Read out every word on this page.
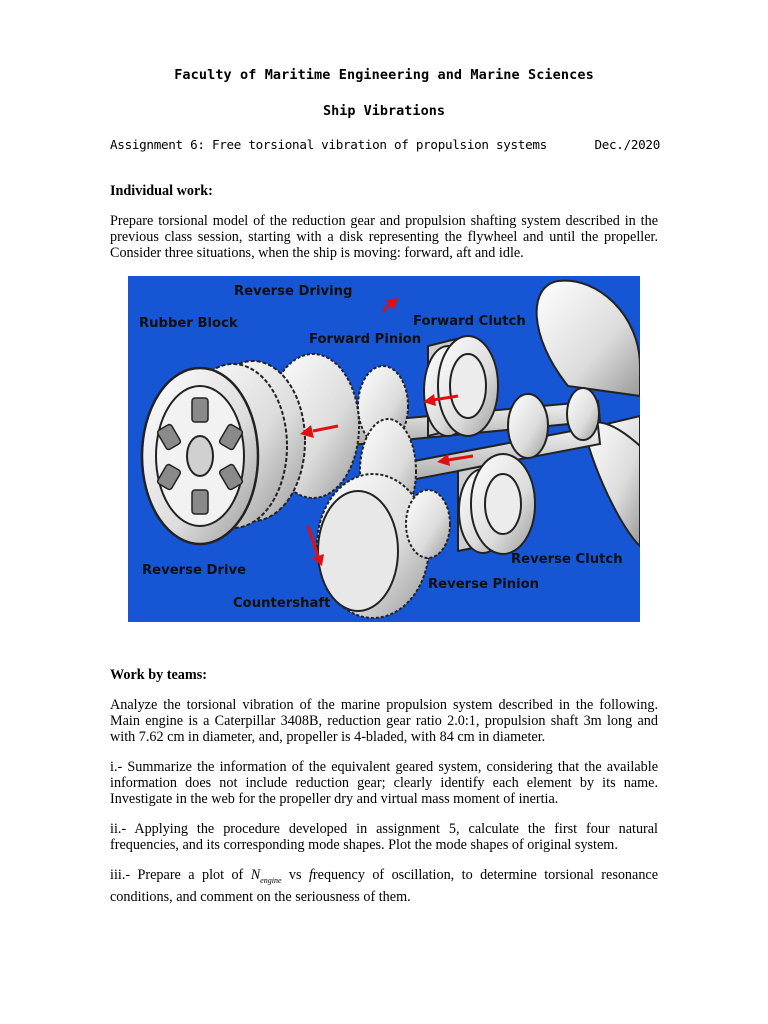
Faculty of Maritime Engineering and Marine Sciences
Ship Vibrations
Assignment 6: Free torsional vibration of propulsion systems	Dec./2020
Individual work:
Prepare torsional model of the reduction gear and propulsion shafting system described in the previous class session, starting with a disk representing the flywheel and until the propeller. Consider three situations, when the ship is moving: forward, aft and idle.
Reverse Driving
Rubber Block	Forward Clutch
Forward Pinion
Reverse Clutch
Reverse Drive
Reverse Pinion
Countershaft
Work by teams:
Analyze the torsional vibration of the marine propulsion system described in the following. Main engine is a Caterpillar 3408B, reduction gear ratio 2.0:1, propulsion shaft 3m long and with 7.62 cm in diameter, and, propeller is 4-bladed, with 84 cm in diameter.
i.- Summarize the information of the equivalent geared system, considering that the available information does not include reduction gear; clearly identify each element by its name. Investigate in the web for the propeller dry and virtual mass moment of inertia.
ii.- Applying the procedure developed in assignment 5, calculate the first four natural frequencies, and its corresponding mode shapes. Plot the mode shapes of original system.
iii.- Prepare a plot of $N_{engine}$ vs frequency of oscillation, to determine torsional resonance conditions, and comment on the seriousness of them.
